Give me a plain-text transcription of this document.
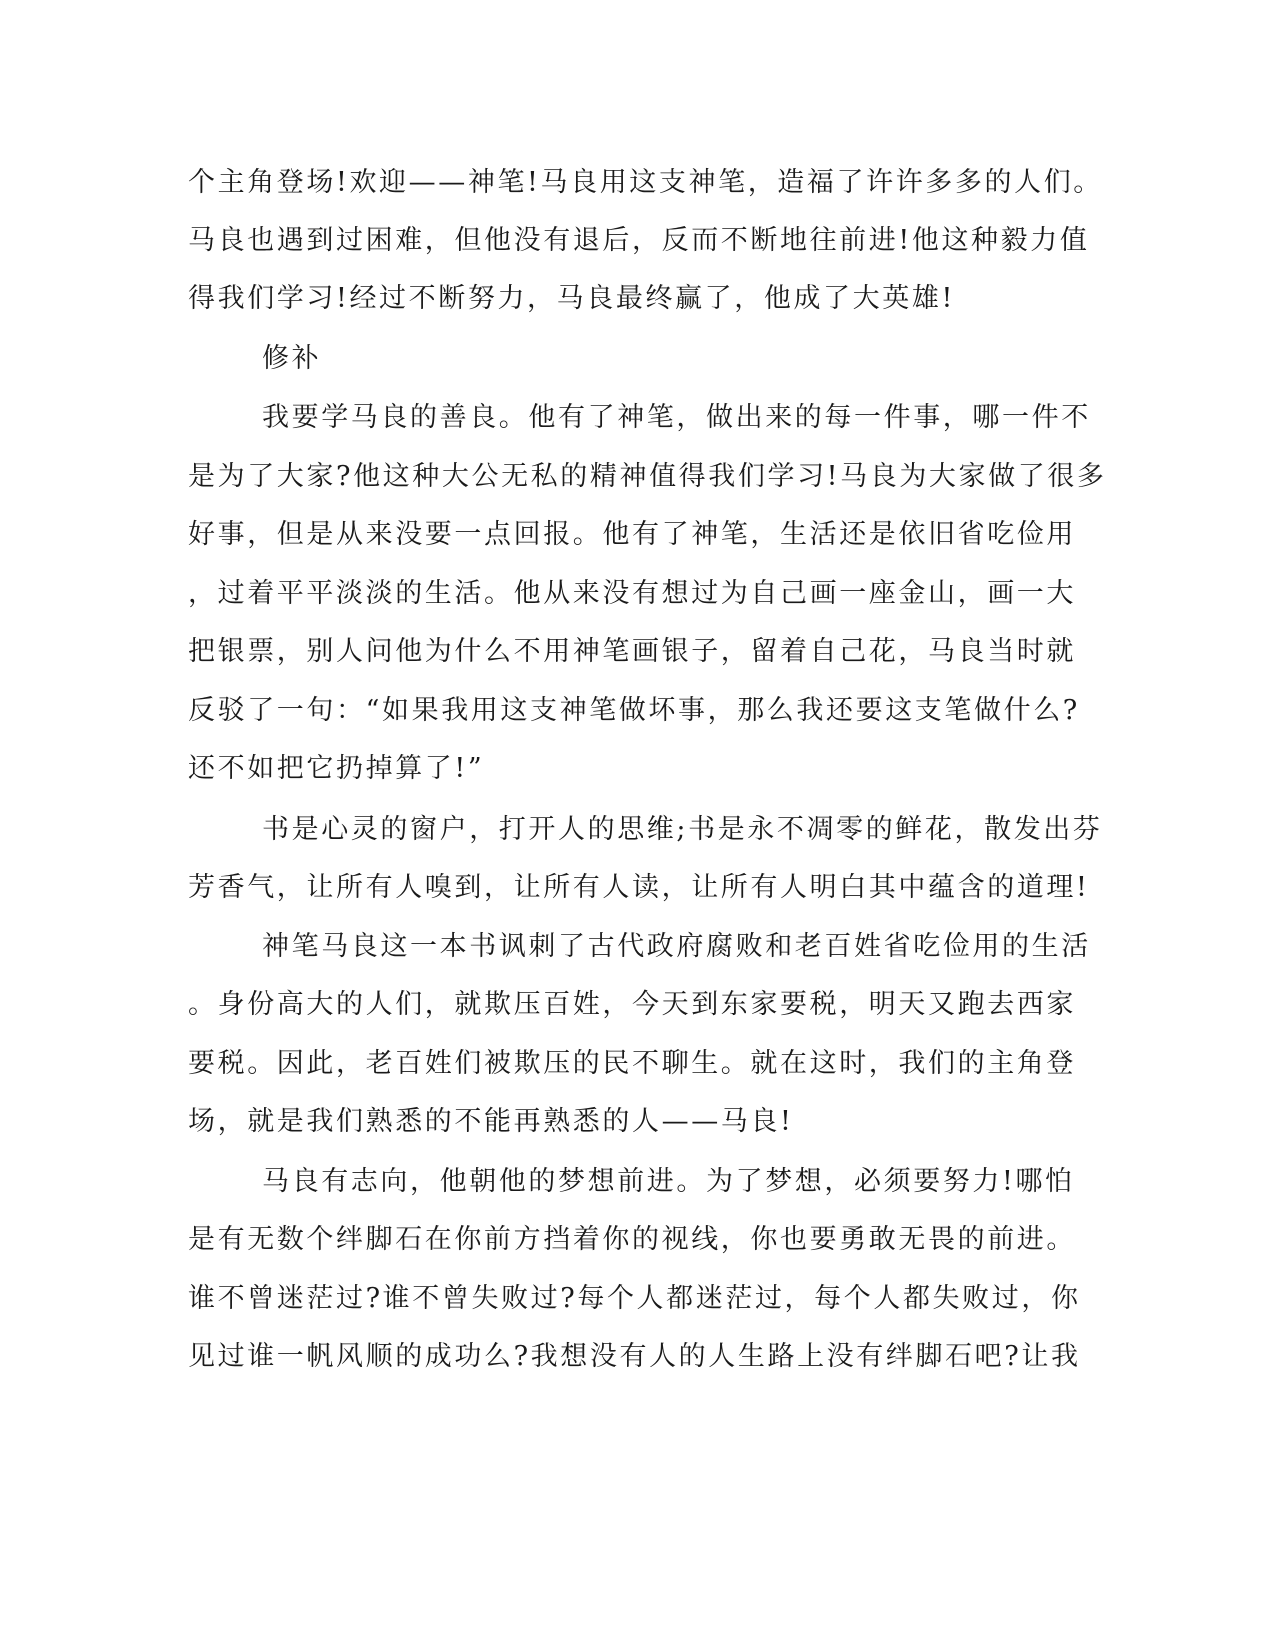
个主角登场!欢迎——神笔!马良用这支神笔，造福了许许多多的人们。
马良也遇到过困难，但他没有退后，反而不断地往前进!他这种毅力值
得我们学习!经过不断努力，马良最终赢了，他成了大英雄!
修补
我要学马良的善良。他有了神笔，做出来的每一件事，哪一件不
是为了大家?他这种大公无私的精神值得我们学习!马良为大家做了很多
好事，但是从来没要一点回报。他有了神笔，生活还是依旧省吃俭用
，过着平平淡淡的生活。他从来没有想过为自己画一座金山，画一大
把银票，别人问他为什么不用神笔画银子，留着自己花，马良当时就
反驳了一句：“如果我用这支神笔做坏事，那么我还要这支笔做什么?
还不如把它扔掉算了!”
书是心灵的窗户，打开人的思维;书是永不凋零的鲜花，散发出芬
芳香气，让所有人嗅到，让所有人读，让所有人明白其中蕴含的道理!
神笔马良这一本书讽刺了古代政府腐败和老百姓省吃俭用的生活
。身份高大的人们，就欺压百姓，今天到东家要税，明天又跑去西家
要税。因此，老百姓们被欺压的民不聊生。就在这时，我们的主角登
场，就是我们熟悉的不能再熟悉的人——马良!
马良有志向，他朝他的梦想前进。为了梦想，必须要努力!哪怕
是有无数个绊脚石在你前方挡着你的视线，你也要勇敢无畏的前进。
谁不曾迷茫过?谁不曾失败过?每个人都迷茫过，每个人都失败过，你
见过谁一帆风顺的成功么?我想没有人的人生路上没有绊脚石吧?让我
